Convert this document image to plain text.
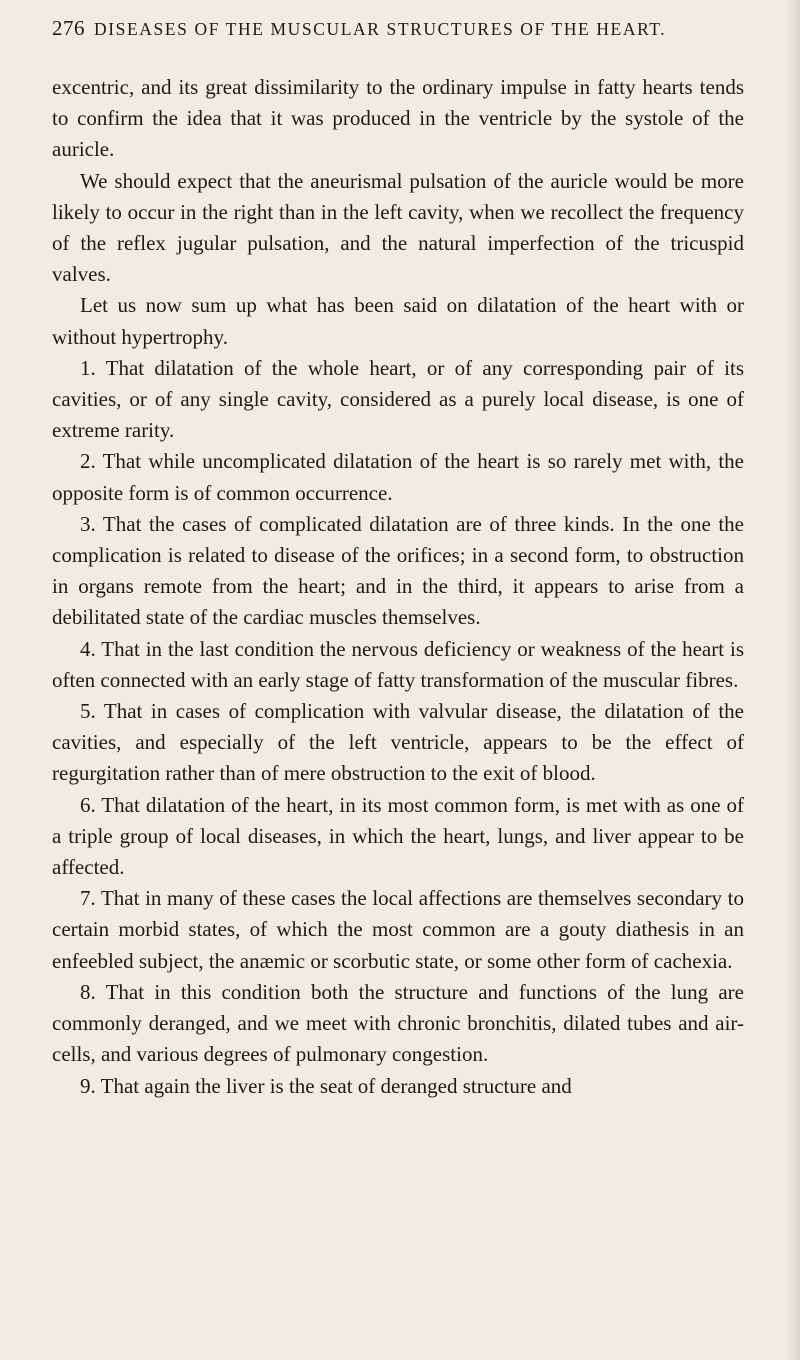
276 DISEASES OF THE MUSCULAR STRUCTURES OF THE HEART.

excentric, and its great dissimilarity to the ordinary impulse in fatty hearts tends to confirm the idea that it was produced in the ventricle by the systole of the auricle.

We should expect that the aneurismal pulsation of the auricle would be more likely to occur in the right than in the left cavity, when we recollect the frequency of the reflex jugular pulsation, and the natural imperfection of the tricuspid valves.

Let us now sum up what has been said on dilatation of the heart with or without hypertrophy.

1. That dilatation of the whole heart, or of any corresponding pair of its cavities, or of any single cavity, considered as a purely local disease, is one of extreme rarity.

2. That while uncomplicated dilatation of the heart is so rarely met with, the opposite form is of common occurrence.

3. That the cases of complicated dilatation are of three kinds. In the one the complication is related to disease of the orifices; in a second form, to obstruction in organs remote from the heart; and in the third, it appears to arise from a debilitated state of the cardiac muscles themselves.

4. That in the last condition the nervous deficiency or weakness of the heart is often connected with an early stage of fatty transformation of the muscular fibres.

5. That in cases of complication with valvular disease, the dilatation of the cavities, and especially of the left ventricle, appears to be the effect of regurgitation rather than of mere obstruction to the exit of blood.

6. That dilatation of the heart, in its most common form, is met with as one of a triple group of local diseases, in which the heart, lungs, and liver appear to be affected.

7. That in many of these cases the local affections are themselves secondary to certain morbid states, of which the most common are a gouty diathesis in an enfeebled subject, the anæmic or scorbutic state, or some other form of cachexia.

8. That in this condition both the structure and functions of the lung are commonly deranged, and we meet with chronic bronchitis, dilated tubes and air-cells, and various degrees of pulmonary congestion.

9. That again the liver is the seat of deranged structure and
